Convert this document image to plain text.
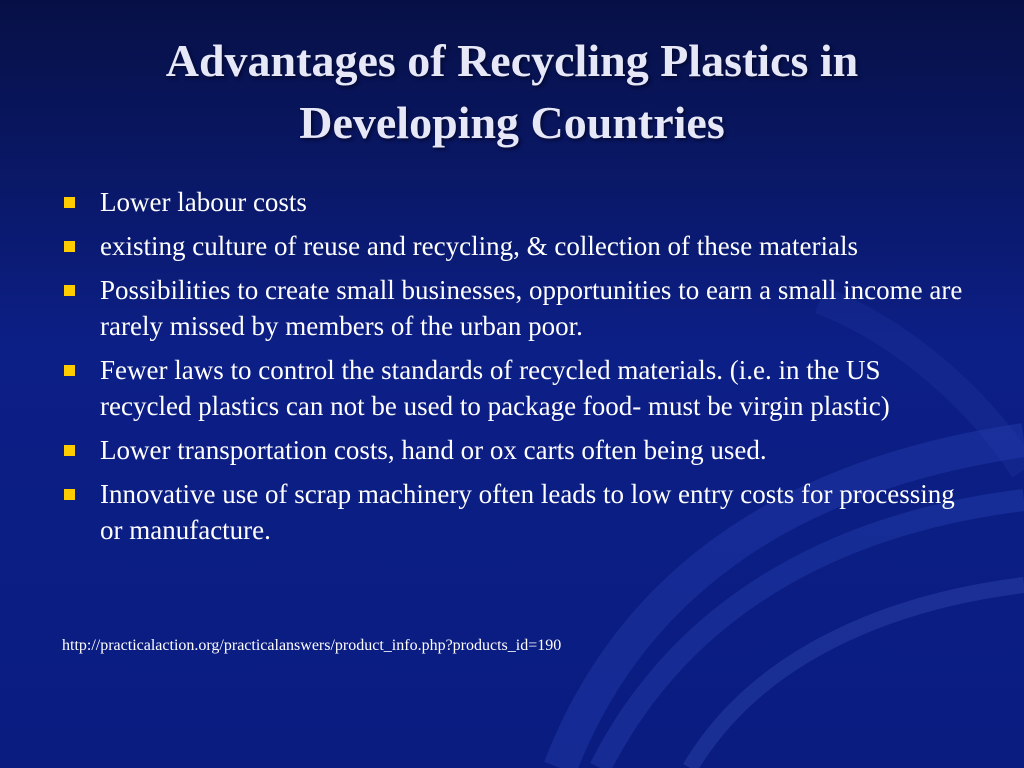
Advantages of Recycling Plastics in
Developing Countries
Lower labour costs
existing culture of reuse and recycling, & collection of these materials
Possibilities to create small businesses, opportunities to earn a small income are rarely missed by members of the urban poor.
Fewer laws to control the standards of recycled materials. (i.e. in the US recycled plastics can not be used to package food- must be virgin plastic)
Lower transportation costs, hand or ox carts often being used.
Innovative use of scrap machinery often leads to low entry costs for processing or manufacture.
http://practicalaction.org/practicalanswers/product_info.php?products_id=190
